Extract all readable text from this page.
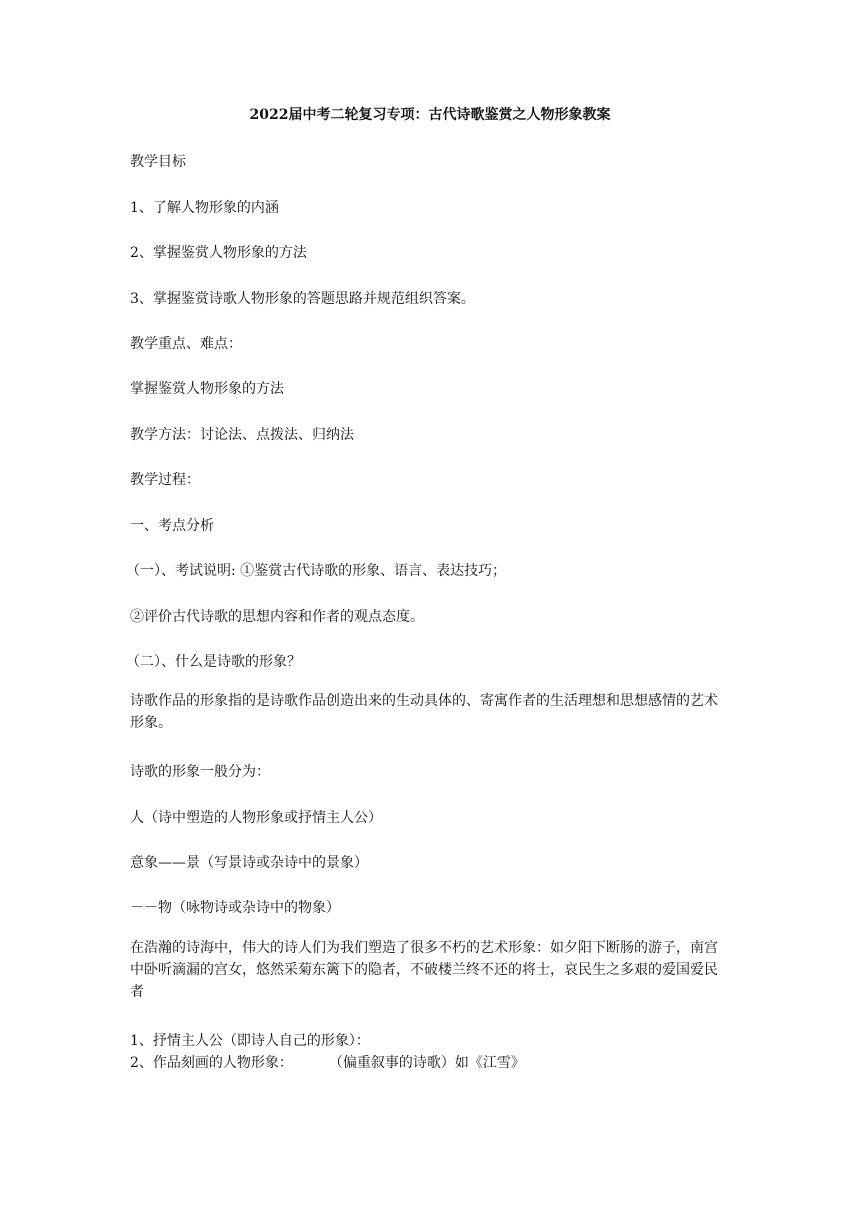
2022届中考二轮复习专项：古代诗歌鉴赏之人物形象教案

教学目标

1、了解人物形象的内涵

2、掌握鉴赏人物形象的方法

3、掌握鉴赏诗歌人物形象的答题思路并规范组织答案。

教学重点、难点：

掌握鉴赏人物形象的方法

教学方法：讨论法、点拨法、归纳法

教学过程：

一、考点分析

（一）、考试说明: ①鉴赏古代诗歌的形象、语言、表达技巧；

②评价古代诗歌的思想内容和作者的观点态度。

（二）、什么是诗歌的形象？

诗歌作品的形象指的是诗歌作品创造出来的生动具体的、寄寓作者的生活理想和思想感情的艺术形象。

诗歌的形象一般分为：

人（诗中塑造的人物形象或抒情主人公）

意象——景（写景诗或杂诗中的景象）

－－物（咏物诗或杂诗中的物象）

在浩瀚的诗海中，伟大的诗人们为我们塑造了很多不朽的艺术形象：如夕阳下断肠的游子，南宫中卧听滴漏的宫女，悠然采菊东篱下的隐者，不破楼兰终不还的将士，哀民生之多艰的爱国爱民者

1、抒情主人公（即诗人自己的形象）：

2、作品刻画的人物形象：	（偏重叙事的诗歌）如《江雪》
